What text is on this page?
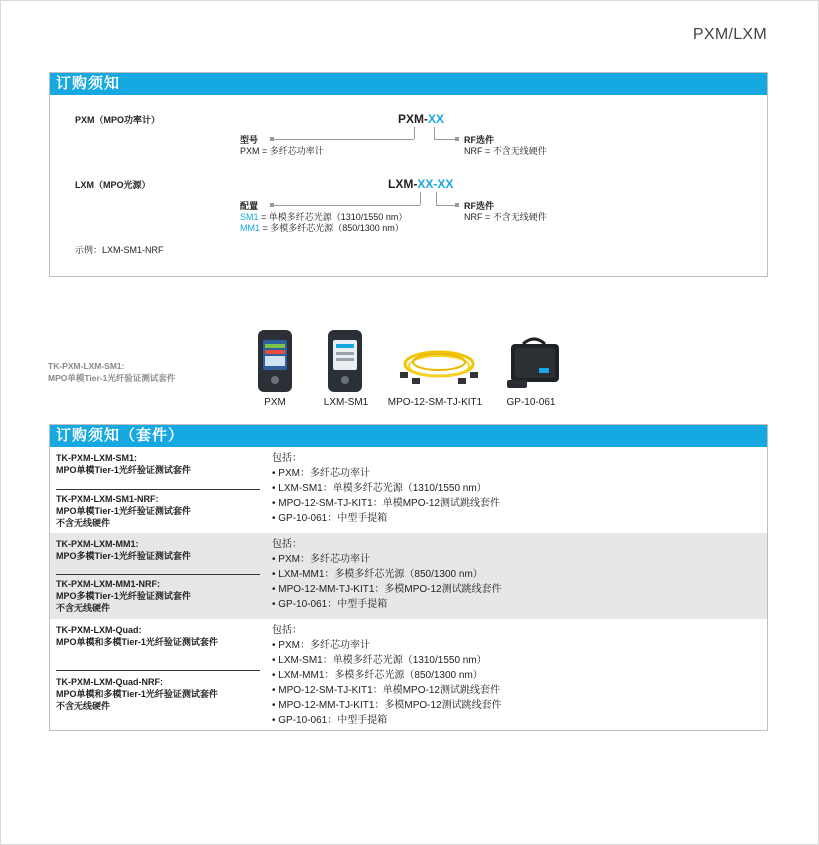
PXM/LXM
订购须知
PXM（MPO功率计）	PXM-XX
型号
PXM = 多纤芯功率计
RF选件
NRF = 不含无线硬件
LXM（MPO光源）	LXM-XX-XX
配置
SM1 = 单模多纤芯光源（1310/1550 nm）
MM1 = 多模多纤芯光源（850/1300 nm）
RF选件
NRF = 不含无线硬件
示例：LXM-SM1-NRF
TK-PXM-LXM-SM1:
MPO单模Tier-1光纤验证测试套件
PXM	LXM-SM1	MPO-12-SM-TJ-KIT1	GP-10-061
订购须知（套件）
TK-PXM-LXM-SM1:
MPO单模Tier-1光纤验证测试套件
TK-PXM-LXM-SM1-NRF:
MPO单模Tier-1光纤验证测试套件
不含无线硬件
包括：
• PXM：多纤芯功率计
• LXM-SM1：单模多纤芯光源（1310/1550 nm）
• MPO-12-SM-TJ-KIT1：单模MPO-12测试跳线套件
• GP-10-061：中型手提箱
TK-PXM-LXM-MM1:
MPO多模Tier-1光纤验证测试套件
TK-PXM-LXM-MM1-NRF:
MPO多模Tier-1光纤验证测试套件
不含无线硬件
包括：
• PXM：多纤芯功率计
• LXM-MM1：多模多纤芯光源（850/1300 nm）
• MPO-12-MM-TJ-KIT1：多模MPO-12测试跳线套件
• GP-10-061：中型手提箱
TK-PXM-LXM-Quad:
MPO单模和多模Tier-1光纤验证测试套件
TK-PXM-LXM-Quad-NRF:
MPO单模和多模Tier-1光纤验证测试套件
不含无线硬件
包括：
• PXM：多纤芯功率计
• LXM-SM1：单模多纤芯光源（1310/1550 nm）
• LXM-MM1：多模多纤芯光源（850/1300 nm）
• MPO-12-SM-TJ-KIT1：单模MPO-12测试跳线套件
• MPO-12-MM-TJ-KIT1：多模MPO-12测试跳线套件
• GP-10-061：中型手提箱
